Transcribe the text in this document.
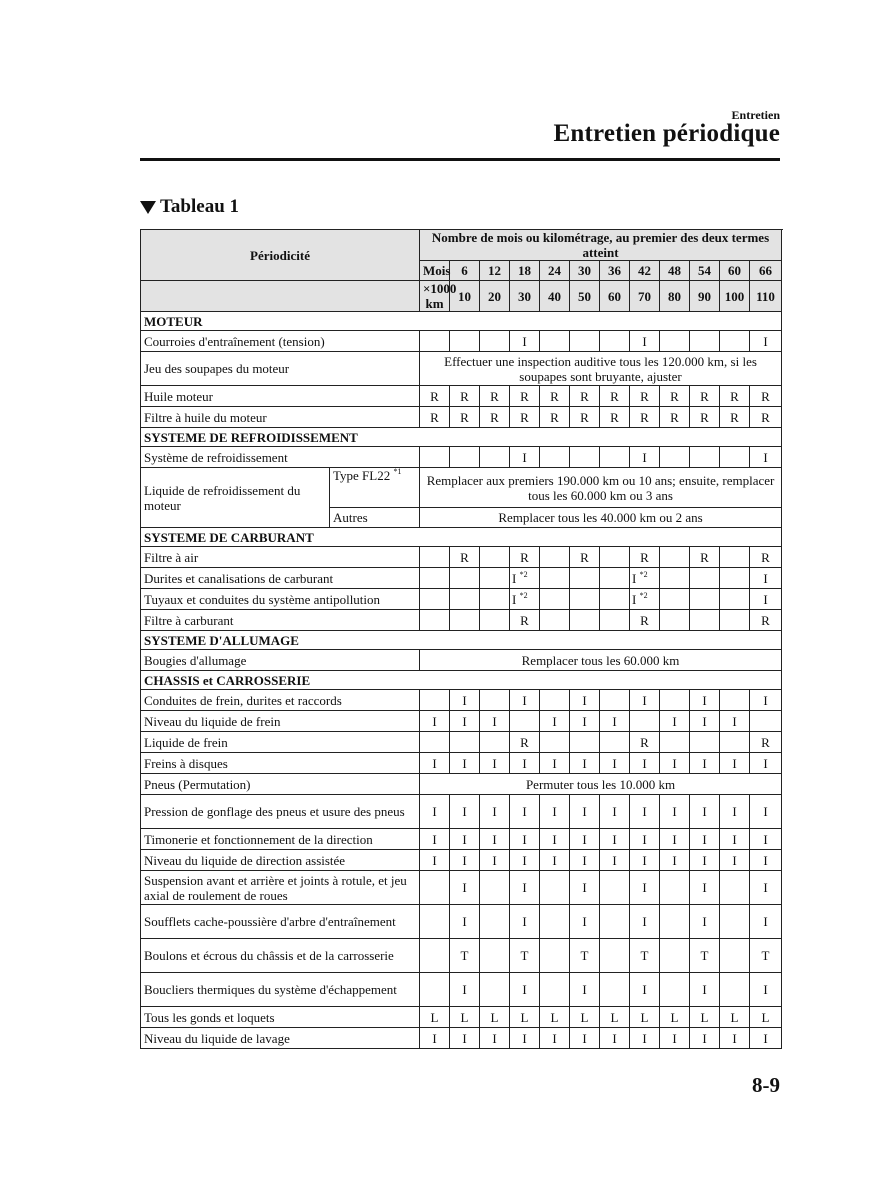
Entretien
Entretien périodique
Tableau 1
Périodicité		Nombre de mois ou kilométrage, au premier des deux termes atteint												
		Mois	6	12	18	24	30	36	42	48	54	60	66	
		×1000 km	10	20	30	40	50	60	70	80	90	100	110	
MOTEUR														
Courroies d'entraînement (tension)					I				I				I	
Jeu des soupapes du moteur		Effectuer une inspection auditive tous les 120.000 km, si les soupapes sont bruyante, ajuster												
Huile moteur		R	R	R	R	R	R	R	R	R	R	R	R	
Filtre à huile du moteur		R	R	R	R	R	R	R	R	R	R	R	R	
SYSTEME DE REFROIDISSEMENT														
Système de refroidissement					I				I				I	
Liquide de refroidissement du moteur	Type FL22 $^{*1}$	Remplacer aux premiers 190.000 km ou 10 ans; ensuite, remplacer tous les 60.000 km ou 3 ans												
	Autres	Remplacer tous les 40.000 km ou 2 ans												
SYSTEME DE CARBURANT														
Filtre à air			R		R		R		R		R		R	
Durites et canalisations de carburant					I $^{*2}$				I $^{*2}$				I	
Tuyaux et conduites du système antipollution					I $^{*2}$				I $^{*2}$				I	
Filtre à carburant					R				R				R	
SYSTEME D'ALLUMAGE														
Bougies d'allumage		Remplacer tous les 60.000 km												
CHASSIS et CARROSSERIE														
Conduites de frein, durites et raccords			I		I		I		I		I		I	
Niveau du liquide de frein		I	I	I		I	I	I		I	I	I		
Liquide de frein					R				R				R	
Freins à disques		I	I	I	I	I	I	I	I	I	I	I	I	
Pneus (Permutation)		Permuter tous les 10.000 km												
Pression de gonflage des pneus et usure des pneus		I	I	I	I	I	I	I	I	I	I	I	I	
Timonerie et fonctionnement de la direction		I	I	I	I	I	I	I	I	I	I	I	I	
Niveau du liquide de direction assistée		I	I	I	I	I	I	I	I	I	I	I	I	
Suspension avant et arrière et joints à rotule, et jeu axial de roulement de roues			I		I		I		I		I		I	
Soufflets cache-poussière d'arbre d'entraînement			I		I		I		I		I		I	
Boulons et écrous du châssis et de la carrosserie			T		T		T		T		T		T	
Boucliers thermiques du système d'échappement			I		I		I		I		I		I	
Tous les gonds et loquets		L	L	L	L	L	L	L	L	L	L	L	L	
Niveau du liquide de lavage		I	I	I	I	I	I	I	I	I	I	I	I	
8-9
